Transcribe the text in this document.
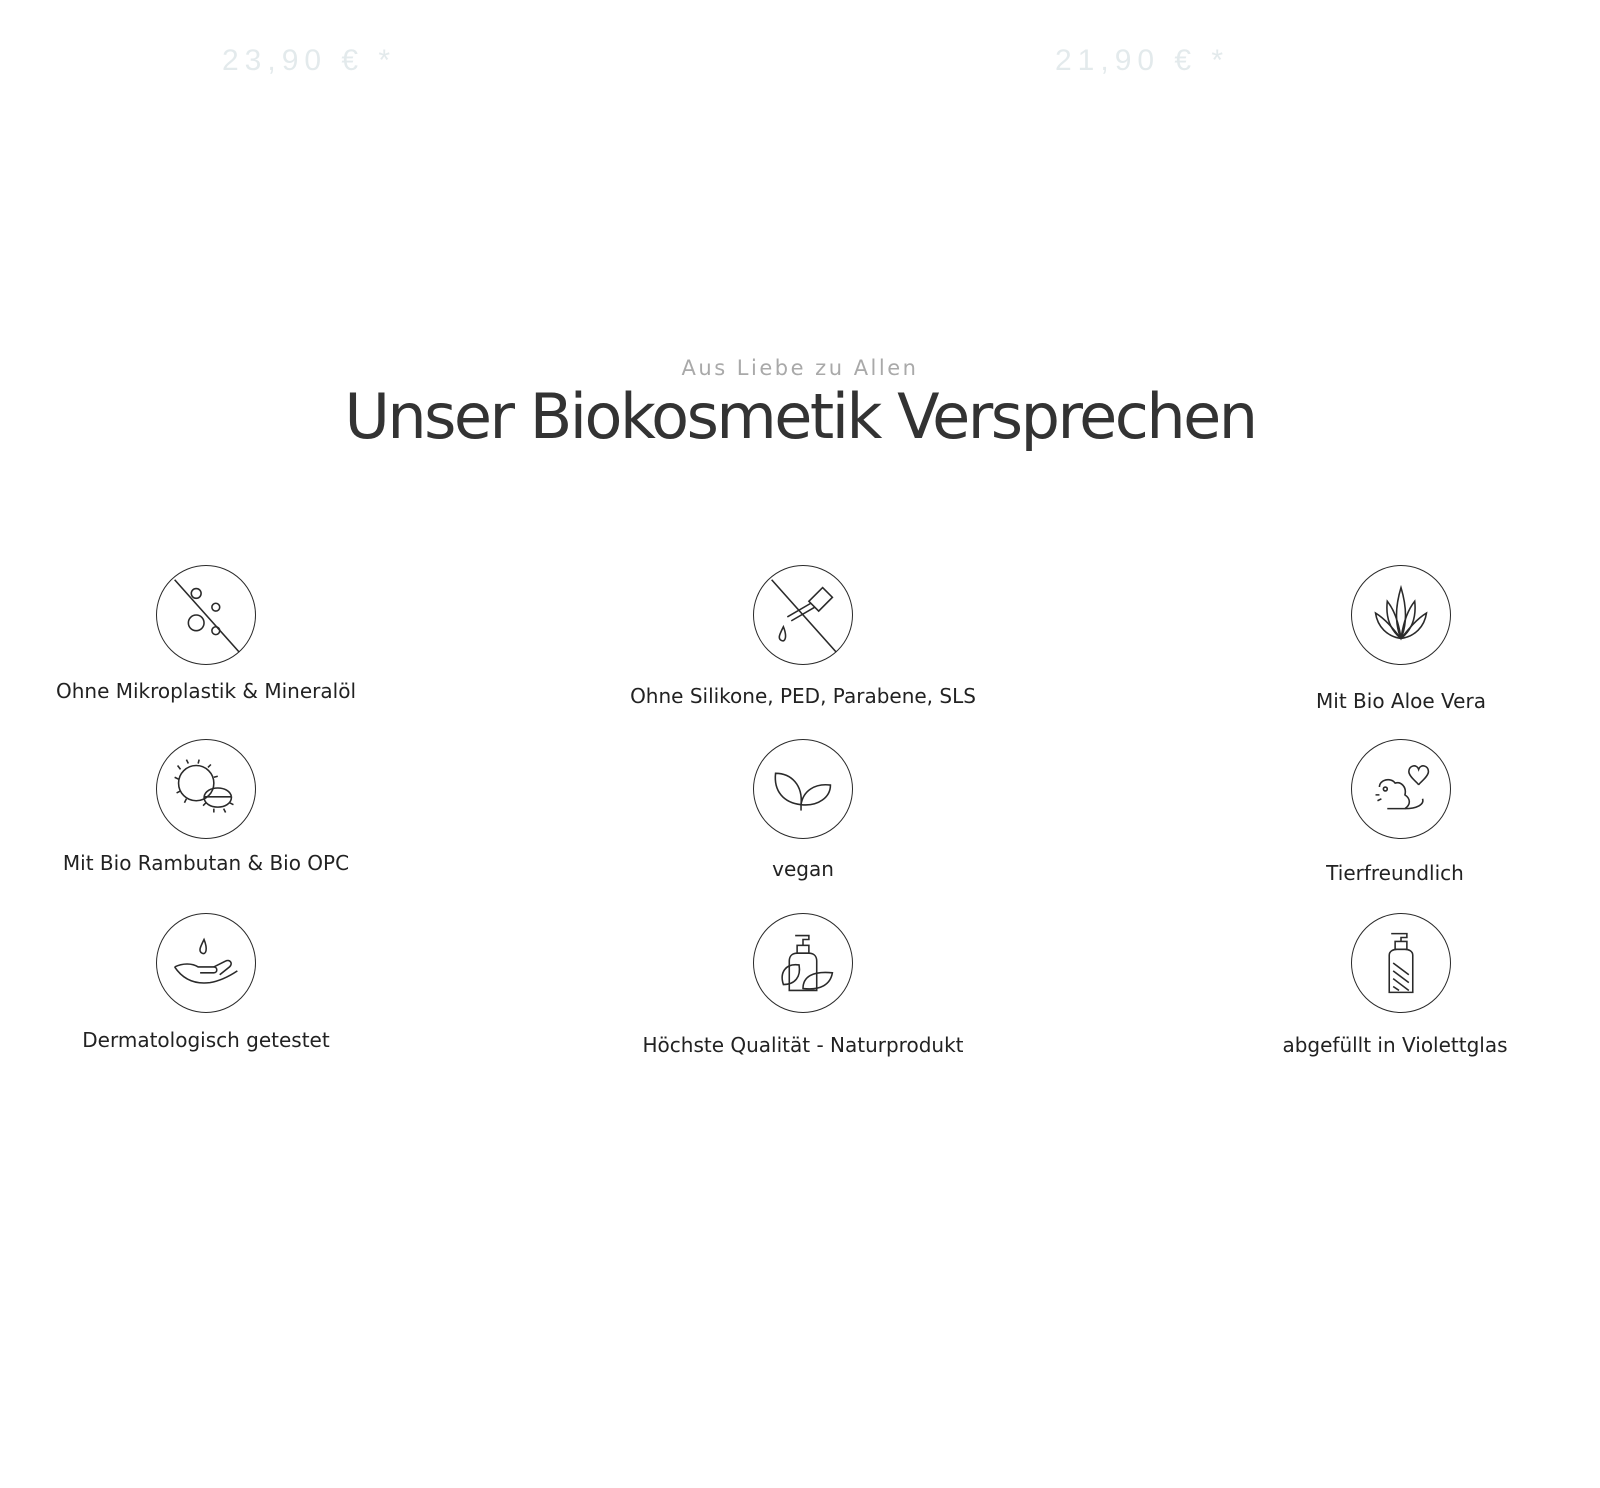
23,90 € *	21,90 € *
Aus Liebe zu Allen
Unser Biokosmetik Versprechen
Ohne Mikroplastik & Mineralöl	Ohne Silikone, PED, Parabene, SLS	Mit Bio Aloe Vera
Mit Bio Rambutan & Bio OPC	vegan	Tierfreundlich
Dermatologisch getestet	Höchste Qualität - Naturprodukt	abgefüllt in Violettglas
